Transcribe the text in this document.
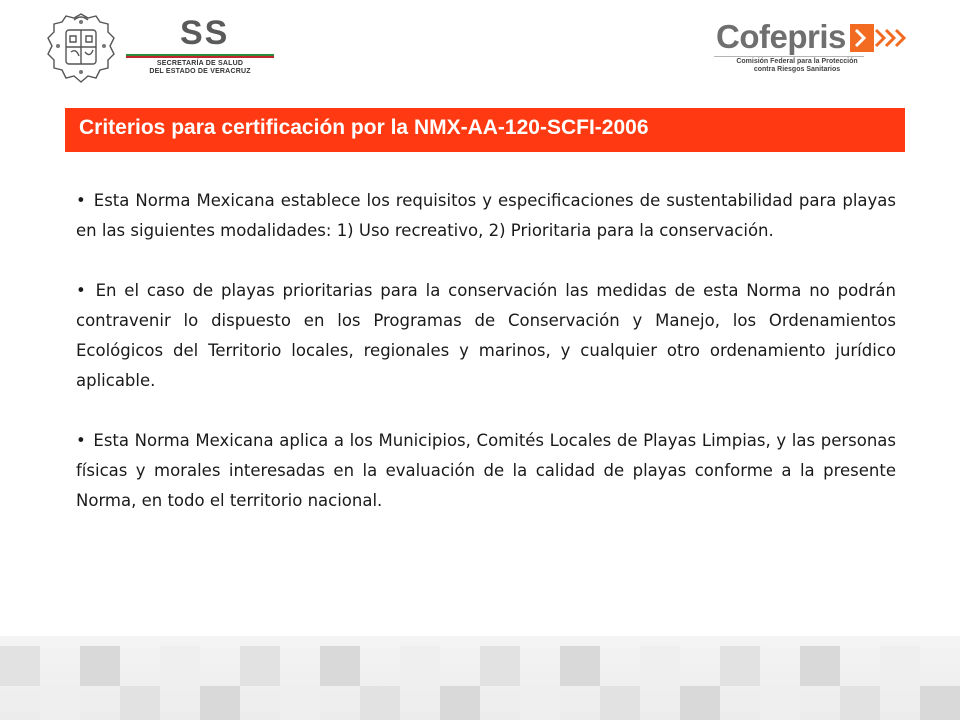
SS
SECRETARÍA DE SALUD
DEL ESTADO DE VERACRUZ
Cofepris
Comisión Federal para la Protección
contra Riesgos Sanitarios
Criterios para certificación por la NMX-AA-120-SCFI-2006

• Esta Norma Mexicana establece los requisitos y especificaciones de sustentabilidad para playas en las siguientes modalidades: 1) Uso recreativo, 2) Prioritaria para la conservación.

• En el caso de playas prioritarias para la conservación las medidas de esta Norma no podrán contravenir lo dispuesto en los Programas de Conservación y Manejo, los Ordenamientos Ecológicos del Territorio locales, regionales y marinos, y cualquier otro ordenamiento jurídico aplicable.

• Esta Norma Mexicana aplica a los Municipios, Comités Locales de Playas Limpias, y las personas físicas y morales interesadas en la evaluación de la calidad de playas conforme a la presente Norma, en todo el territorio nacional.
